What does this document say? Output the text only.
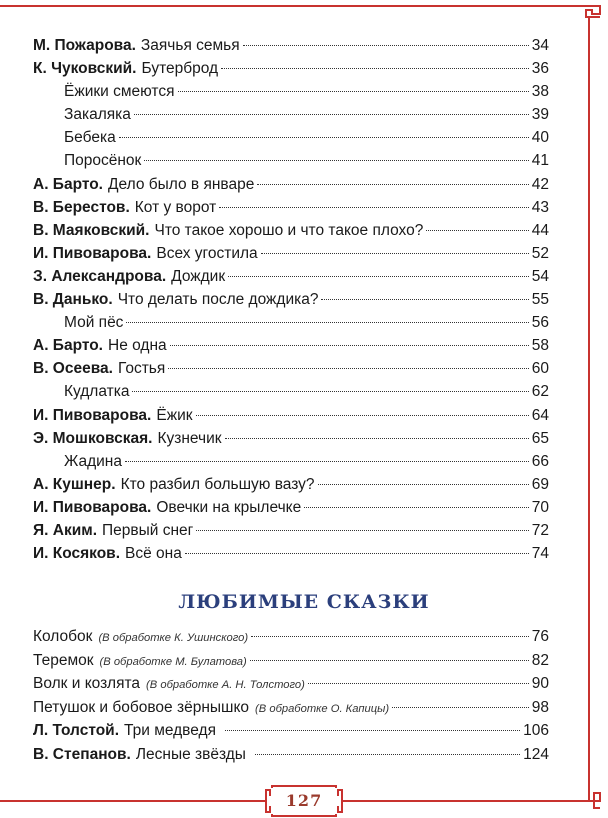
М. Пожарова. Заячья семья	34
К. Чуковский. Бутерброд	36
Ёжики смеются	38
Закаляка	39
Бебека	40
Поросёнок	41
А. Барто. Дело было в январе	42
В. Берестов. Кот у ворот	43
В. Маяковский. Что такое хорошо и что такое плохо?	44
И. Пивоварова. Всех угостила	52
З. Александрова. Дождик	54
В. Данько. Что делать после дождика?	55
Мой пёс	56
А. Барто. Не одна	58
В. Осеева. Гостья	60
Кудлатка	62
И. Пивоварова. Ёжик	64
Э. Мошковская. Кузнечик	65
Жадина	66
А. Кушнер. Кто разбил большую вазу?	69
И. Пивоварова. Овечки на крылечке	70
Я. Аким. Первый снег	72
И. Косяков. Всё она	74
ЛЮБИМЫЕ СКАЗКИ
Колобок (В обработке К. Ушинского)	76
Теремок (В обработке М. Булатова)	82
Волк и козлята (В обработке А. Н. Толстого)	90
Петушок и бобовое зёрнышко (В обработке О. Капицы)	98
Л. Толстой. Три медведя	106
В. Степанов. Лесные звёзды	124
127
